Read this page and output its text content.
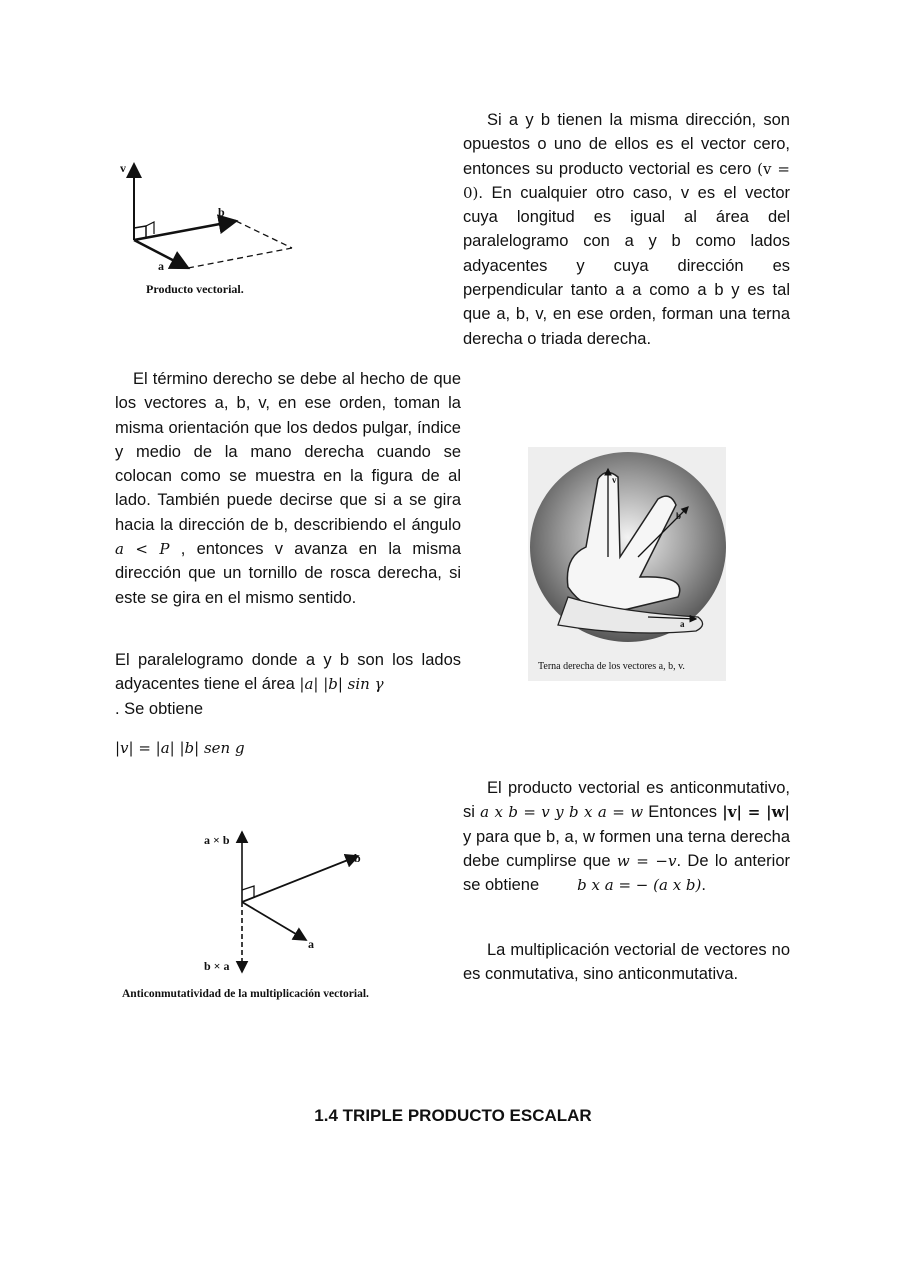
v
b
a
Producto vectorial.

Si a y b tienen la misma dirección, son opuestos o uno de ellos es el vector cero, entonces su producto vectorial es cero (v = 0). En cualquier otro caso, v es el vector cuya longitud es igual al área del paralelogramo con a y b como lados adyacentes y cuya dirección es perpendicular tanto a a como a b y es tal que a, b, v, en ese orden, forman una terna derecha o triada derecha.

El término derecho se debe al hecho de que los vectores a, b, v, en ese orden, toman la misma orientación que los dedos pulgar, índice y medio de la mano derecha cuando se colocan como se muestra en la figura de al lado. También puede decirse que si a se gira hacia la dirección de b, describiendo el ángulo a < P , entonces v avanza en la misma dirección que un tornillo de rosca derecha, si este se gira en el mismo sentido.

El paralelogramo donde a y b son los lados adyacentes tiene el área |a| |b| sin γ
. Se obtiene

|v| = |a| |b| sen g

v
b
a
Terna derecha de los vectores a, b, v.
a × b
b
a
b × a
Anticonmutatividad de la multiplicación vectorial.

El producto vectorial es anticonmutativo, si a x b = v y b x a = w Entonces |v| = |w| y para que b, a, w formen una terna derecha debe cumplirse que w = −v. De lo anterior se obtiene	b x a = − (a x b).

La multiplicación vectorial de vectores no es conmutativa, sino anticonmutativa.

1.4 TRIPLE PRODUCTO ESCALAR
